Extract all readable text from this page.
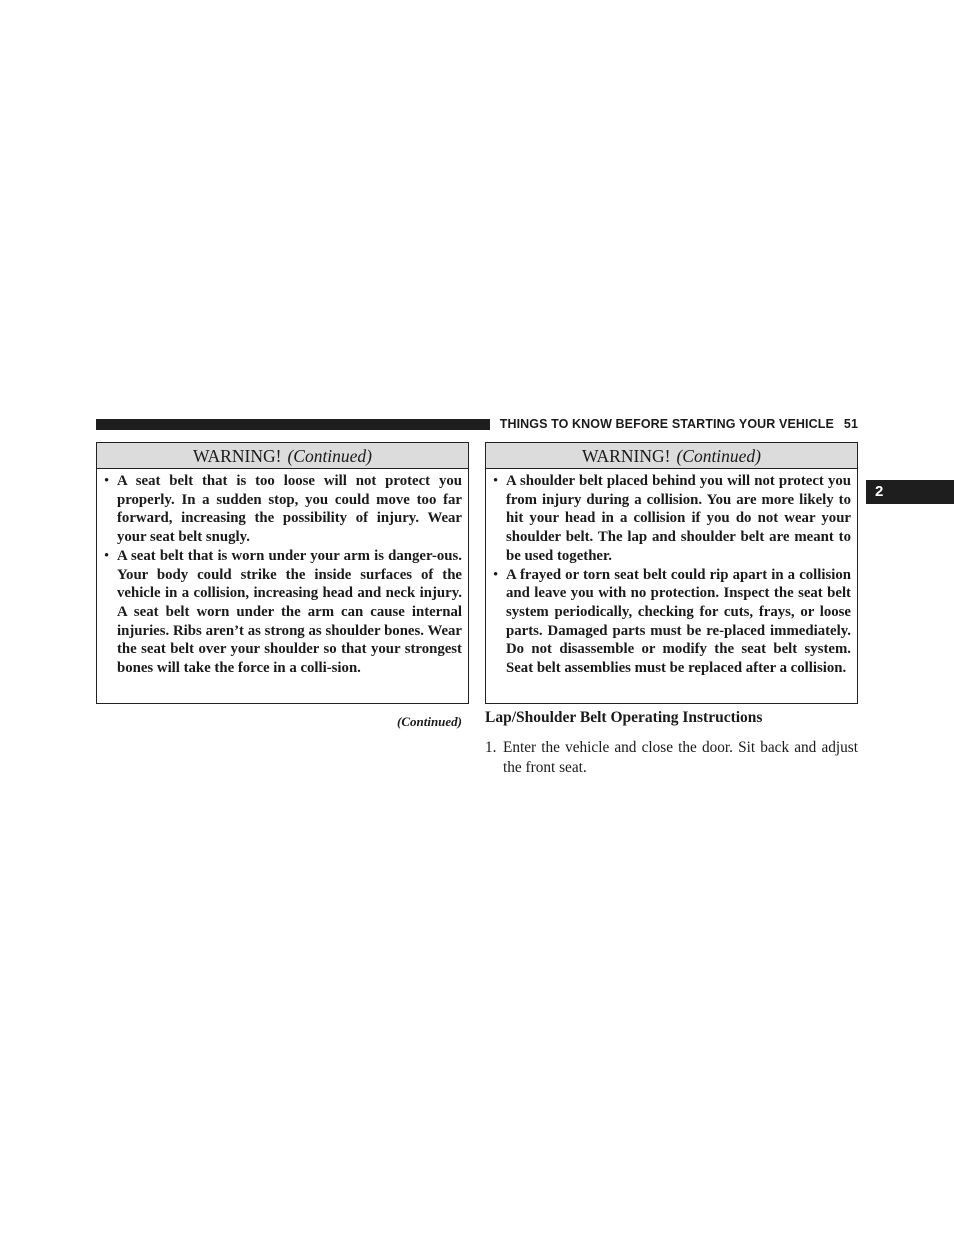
THINGS TO KNOW BEFORE STARTING YOUR VEHICLE 51
2
WARNING! (Continued)
• A seat belt that is too loose will not protect you properly. In a sudden stop, you could move too far forward, increasing the possibility of injury. Wear your seat belt snugly.
• A seat belt that is worn under your arm is danger-ous. Your body could strike the inside surfaces of the vehicle in a collision, increasing head and neck injury. A seat belt worn under the arm can cause internal injuries. Ribs aren’t as strong as shoulder bones. Wear the seat belt over your shoulder so that your strongest bones will take the force in a colli-sion.
(Continued)
WARNING! (Continued)
• A shoulder belt placed behind you will not protect you from injury during a collision. You are more likely to hit your head in a collision if you do not wear your shoulder belt. The lap and shoulder belt are meant to be used together.
• A frayed or torn seat belt could rip apart in a collision and leave you with no protection. Inspect the seat belt system periodically, checking for cuts, frays, or loose parts. Damaged parts must be re-placed immediately. Do not disassemble or modify the seat belt system. Seat belt assemblies must be replaced after a collision.
Lap/Shoulder Belt Operating Instructions
1. Enter the vehicle and close the door. Sit back and adjust the front seat.
